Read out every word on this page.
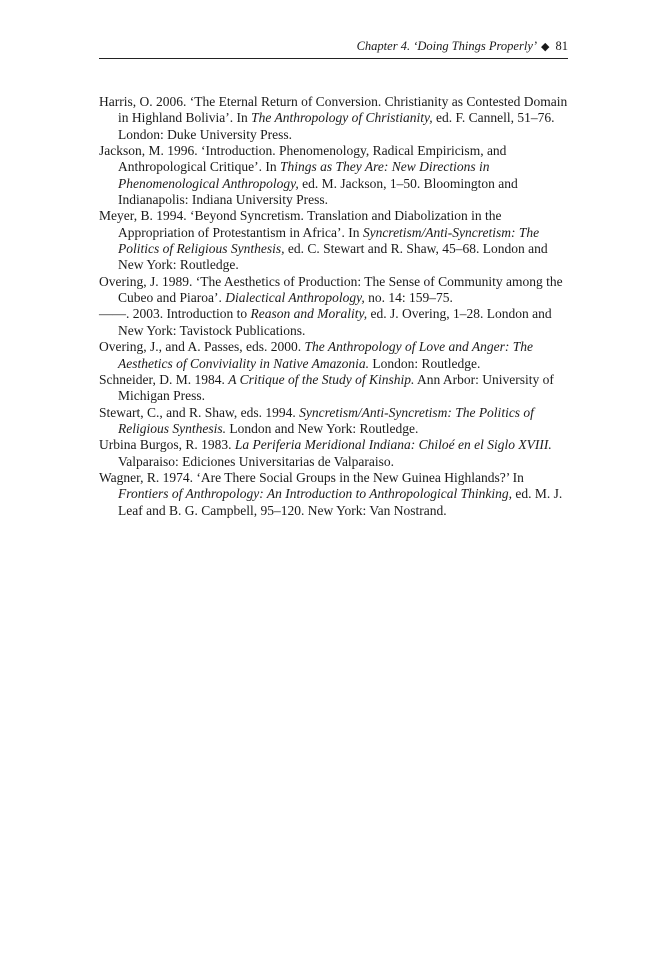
Chapter 4. ‘Doing Things Properly’ ◆ 81

Harris, O. 2006. ‘The Eternal Return of Conversion. Christianity as Contested Domain in Highland Bolivia’. In The Anthropology of Christianity, ed. F. Cannell, 51–76. London: Duke University Press.

Jackson, M. 1996. ‘Introduction. Phenomenology, Radical Empiricism, and Anthropological Critique’. In Things as They Are: New Directions in Phenomenological Anthropology, ed. M. Jackson, 1–50. Bloomington and Indianapolis: Indiana University Press.

Meyer, B. 1994. ‘Beyond Syncretism. Translation and Diabolization in the Appropriation of Protestantism in Africa’. In Syncretism/Anti-Syncretism: The Politics of Religious Synthesis, ed. C. Stewart and R. Shaw, 45–68. London and New York: Routledge.

Overing, J. 1989. ‘The Aesthetics of Production: The Sense of Community among the Cubeo and Piaroa’. Dialectical Anthropology, no. 14: 159–75.

——. 2003. Introduction to Reason and Morality, ed. J. Overing, 1–28. London and New York: Tavistock Publications.

Overing, J., and A. Passes, eds. 2000. The Anthropology of Love and Anger: The Aesthetics of Conviviality in Native Amazonia. London: Routledge.

Schneider, D. M. 1984. A Critique of the Study of Kinship. Ann Arbor: University of Michigan Press.

Stewart, C., and R. Shaw, eds. 1994. Syncretism/Anti-Syncretism: The Politics of Religious Synthesis. London and New York: Routledge.

Urbina Burgos, R. 1983. La Periferia Meridional Indiana: Chiloé en el Siglo XVIII. Valparaiso: Ediciones Universitarias de Valparaiso.

Wagner, R. 1974. ‘Are There Social Groups in the New Guinea Highlands?’ In Frontiers of Anthropology: An Introduction to Anthropological Thinking, ed. M. J. Leaf and B. G. Campbell, 95–120. New York: Van Nostrand.
